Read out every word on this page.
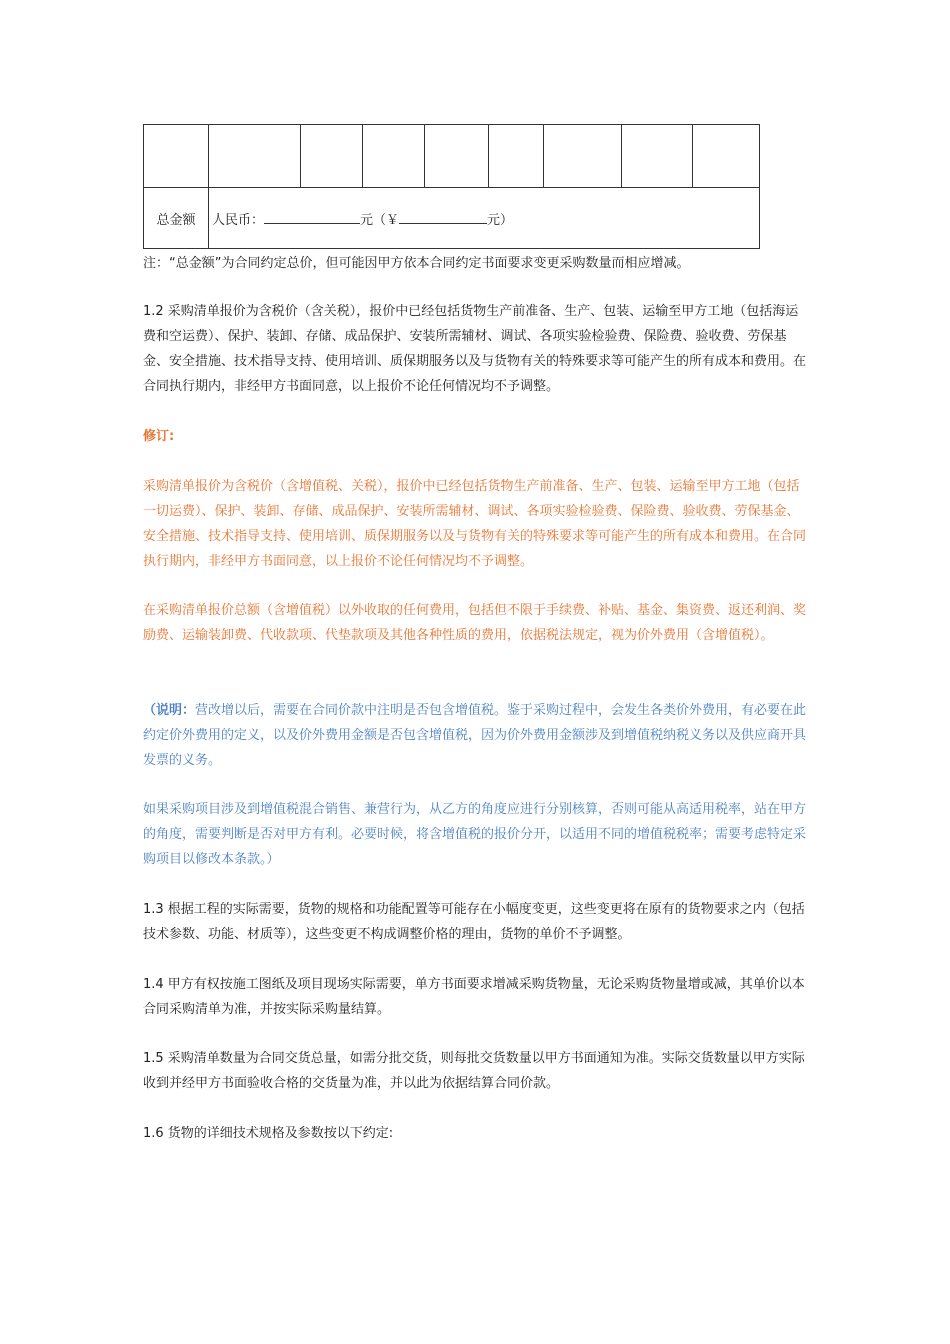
总金额	人民币： 元（￥ 元）							
注：“总金额”为合同约定总价，但可能因甲方依本合同约定书面要求变更采购数量而相应增减。

1.2 采购清单报价为含税价（含关税），报价中已经包括货物生产前准备、生产、包装、运输至甲方工地（包括海运费和空运费）、保护、装卸、存储、成品保护、安装所需辅材、调试、各项实验检验费、保险费、验收费、劳保基金、安全措施、技术指导支持、使用培训、质保期服务以及与货物有关的特殊要求等可能产生的所有成本和费用。在合同执行期内，非经甲方书面同意，以上报价不论任何情况均不予调整。

修订:

采购清单报价为含税价（含增值税、关税），报价中已经包括货物生产前准备、生产、包装、运输至甲方工地（包括一切运费）、保护、装卸、存储、成品保护、安装所需辅材、调试、各项实验检验费、保险费、验收费、劳保基金、安全措施、技术指导支持、使用培训、质保期服务以及与货物有关的特殊要求等可能产生的所有成本和费用。在合同执行期内，非经甲方书面同意，以上报价不论任何情况均不予调整。

在采购清单报价总额（含增值税）以外收取的任何费用，包括但不限于手续费、补贴、基金、集资费、返还利润、奖励费、运输装卸费、代收款项、代垫款项及其他各种性质的费用，依据税法规定，视为价外费用（含增值税）。

（说明：营改增以后，需要在合同价款中注明是否包含增值税。鉴于采购过程中，会发生各类价外费用，有必要在此约定价外费用的定义，以及价外费用金额是否包含增值税，因为价外费用金额涉及到增值税纳税义务以及供应商开具发票的义务。

如果采购项目涉及到增值税混合销售、兼营行为，从乙方的角度应进行分别核算，否则可能从高适用税率，站在甲方的角度，需要判断是否对甲方有利。必要时候，将含增值税的报价分开，以适用不同的增值税税率；需要考虑特定采购项目以修改本条款。）

1.3 根据工程的实际需要，货物的规格和功能配置等可能存在小幅度变更，这些变更将在原有的货物要求之内（包括技术参数、功能、材质等），这些变更不构成调整价格的理由，货物的单价不予调整。

1.4 甲方有权按施工图纸及项目现场实际需要，单方书面要求增减采购货物量，无论采购货物量增或减，其单价以本合同采购清单为准，并按实际采购量结算。

1.5 采购清单数量为合同交货总量，如需分批交货，则每批交货数量以甲方书面通知为准。实际交货数量以甲方实际收到并经甲方书面验收合格的交货量为准，并以此为依据结算合同价款。

1.6 货物的详细技术规格及参数按以下约定:
